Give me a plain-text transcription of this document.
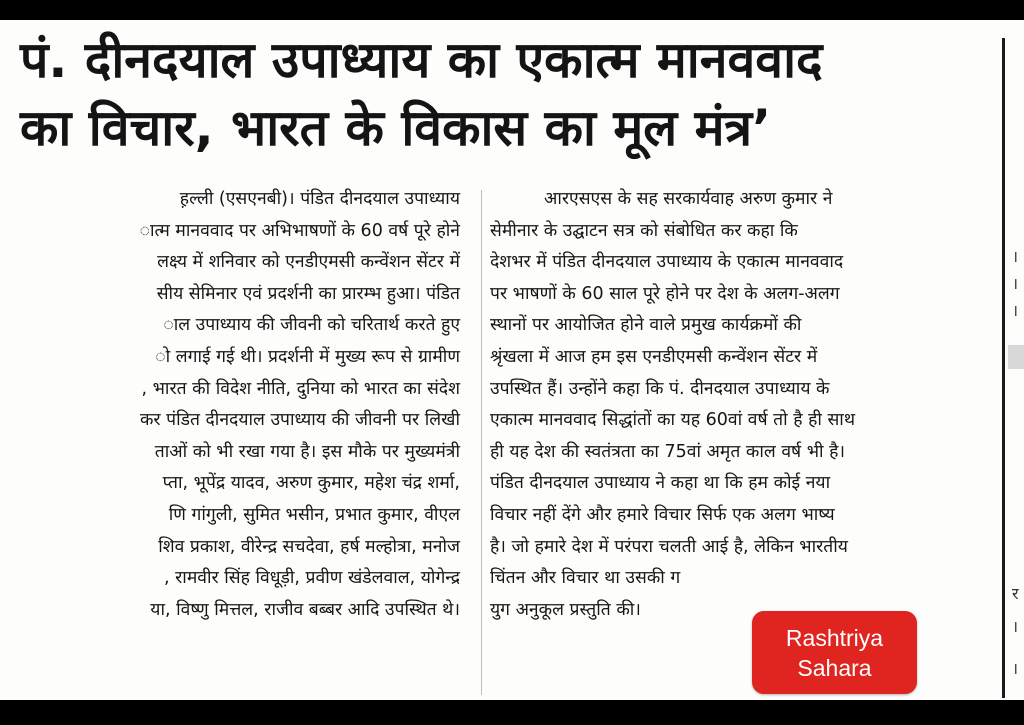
पं. दीनदयाल उपाध्याय का एकात्म मानववाद
का विचार, भारत के विकास का मूल मंत्र’
ह़ल्ली (एसएनबी)। पंडित दीनदयाल उपाध्याय
ात्म मानववाद पर अभिभाषणों के 60 वर्ष पूरे होने
लक्ष्य में शनिवार को एनडीएमसी कन्वेंशन सेंटर में
सीय सेमिनार एवं प्रदर्शनी का प्रारम्भ हुआ। पंडित
ाल उपाध्याय की जीवनी को चरितार्थ करते हुए
ो लगाई गई थी। प्रदर्शनी में मुख्य रूप से ग्रामीण
, भारत की विदेश नीति, दुनिया को भारत का संदेश
कर पंडित दीनदयाल उपाध्याय की जीवनी पर लिखी
ताओं को भी रखा गया है। इस मौके पर मुख्यमंत्री
प्ता, भूपेंद्र यादव, अरुण कुमार, महेश चंद्र शर्मा,
णि गांगुली, सुमित भसीन, प्रभात कुमार, वीएल
शिव प्रकाश, वीरेन्द्र सचदेवा, हर्ष मल्होत्रा, मनोज
, रामवीर सिंह विधूड़ी, प्रवीण खंडेलवाल, योगेन्द्र
या, विष्णु मित्तल, राजीव बब्बर आदि उपस्थित थे।
आरएसएस के सह सरकार्यवाह अरुण कुमार ने
सेमीनार के उद्घाटन सत्र को संबोधित कर कहा कि
देशभर में पंडित दीनदयाल उपाध्याय के एकात्म मानववाद
पर भाषणों के 60 साल पूरे होने पर देश के अलग-अलग
स्थानों पर आयोजित होने वाले प्रमुख कार्यक्रमों की
श्रृंखला में आज हम इस एनडीएमसी कन्वेंशन सेंटर में
उपस्थित हैं। उन्होंने कहा कि पं. दीनदयाल उपाध्याय के
एकात्म मानववाद सिद्धांतों का यह 60वां वर्ष तो है ही साथ
ही यह देश की स्वतंत्रता का 75वां अमृत काल वर्ष भी है।
पंडित दीनदयाल उपाध्याय ने कहा था कि हम कोई नया
विचार नहीं देंगे और हमारे विचार सिर्फ एक अलग भाष्य
है। जो हमारे देश में परंपरा चलती आई है, लेकिन भारतीय
चिंतन और विचार था उसकी ग
युग अनुकूल प्रस्तुति की।
।
।
।
र
।
।
Rashtriya
Sahara
